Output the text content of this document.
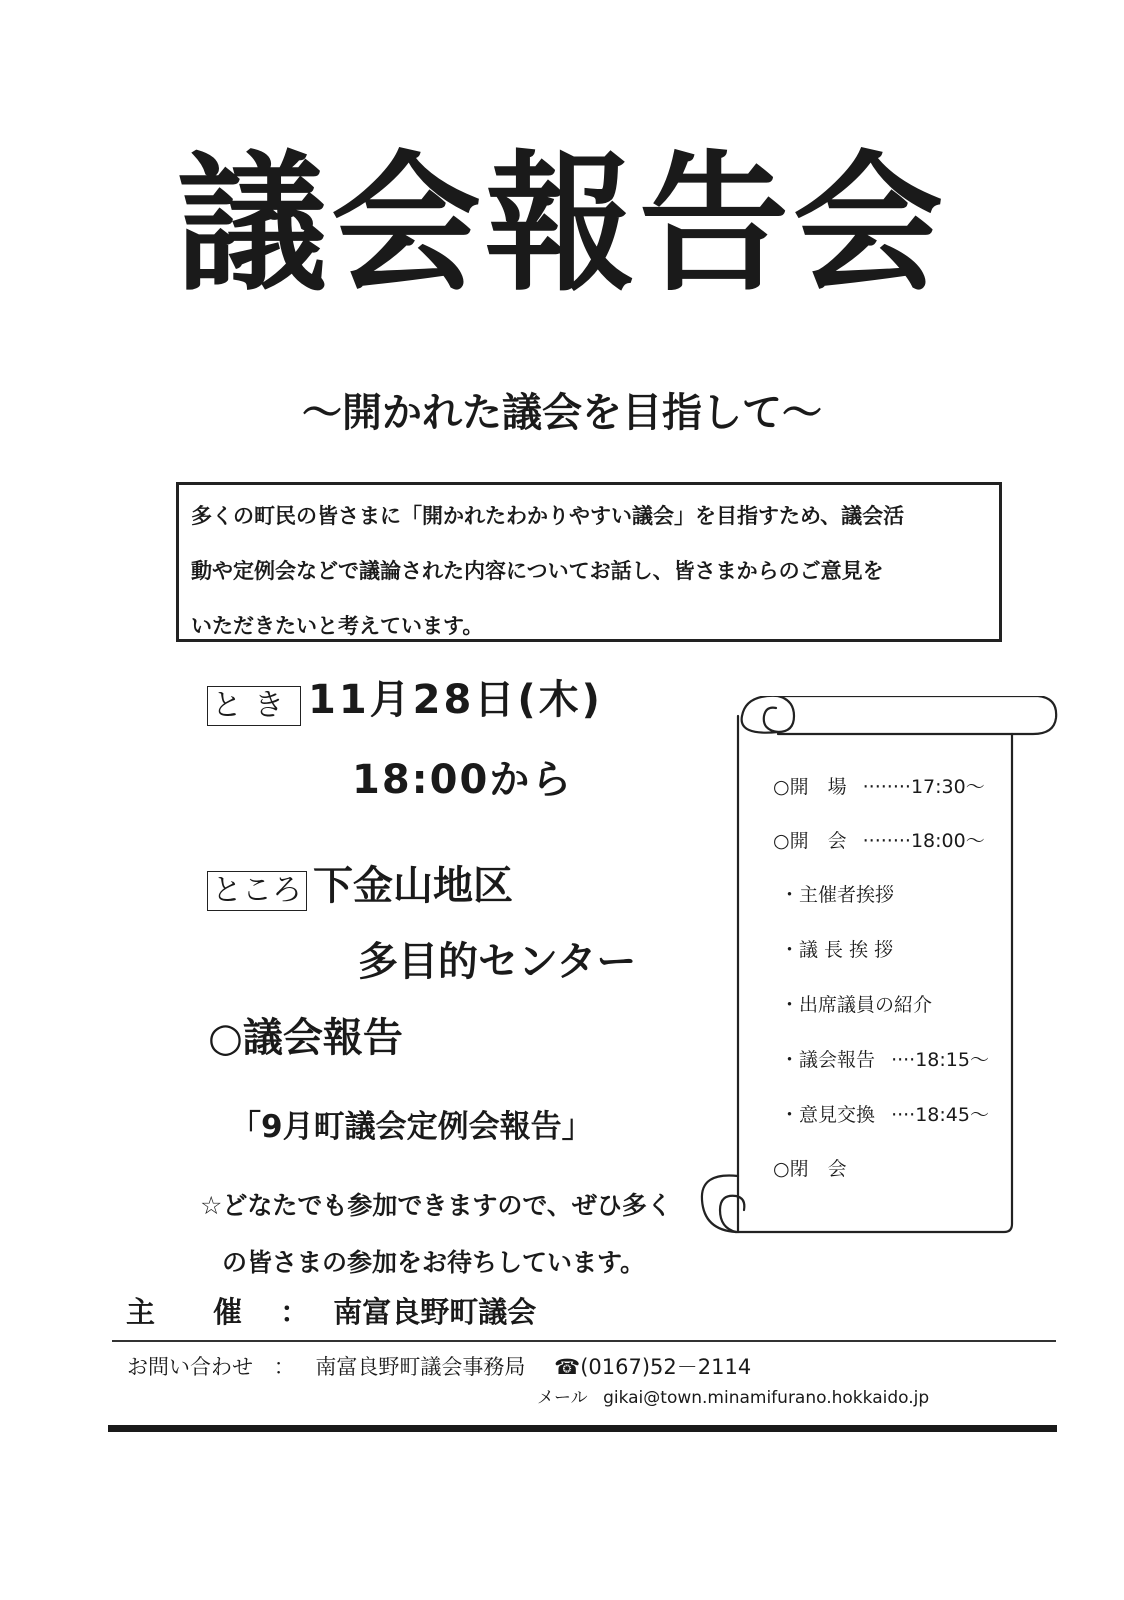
議会報告会
～開かれた議会を目指して～
多くの町民の皆さまに「開かれたわかりやすい議会」を目指すため、議会活
動や定例会などで議論された内容についてお話し、皆さまからのご意見を
いただきたいと考えています。
とき 11月28日(木)
18:00から
ところ 下金山地区
多目的センター
○議会報告
「9月町議会定例会報告」
☆どなたでも参加できますので、ぜひ多く
の皆さまの参加をお待ちしています。
○開　場 ········17:30～
○開　会 ········18:00～
・主催者挨拶
・議 長 挨 拶
・出席議員の紹介
・議会報告 ····18:15～
・意見交換 ····18:45～
○閉　会
主　　催 ： 南富良野町議会
お問い合わせ ： 南富良野町議会事務局 ☎(0167)52－2114
メール gikai@town.minamifurano.hokkaido.jp
